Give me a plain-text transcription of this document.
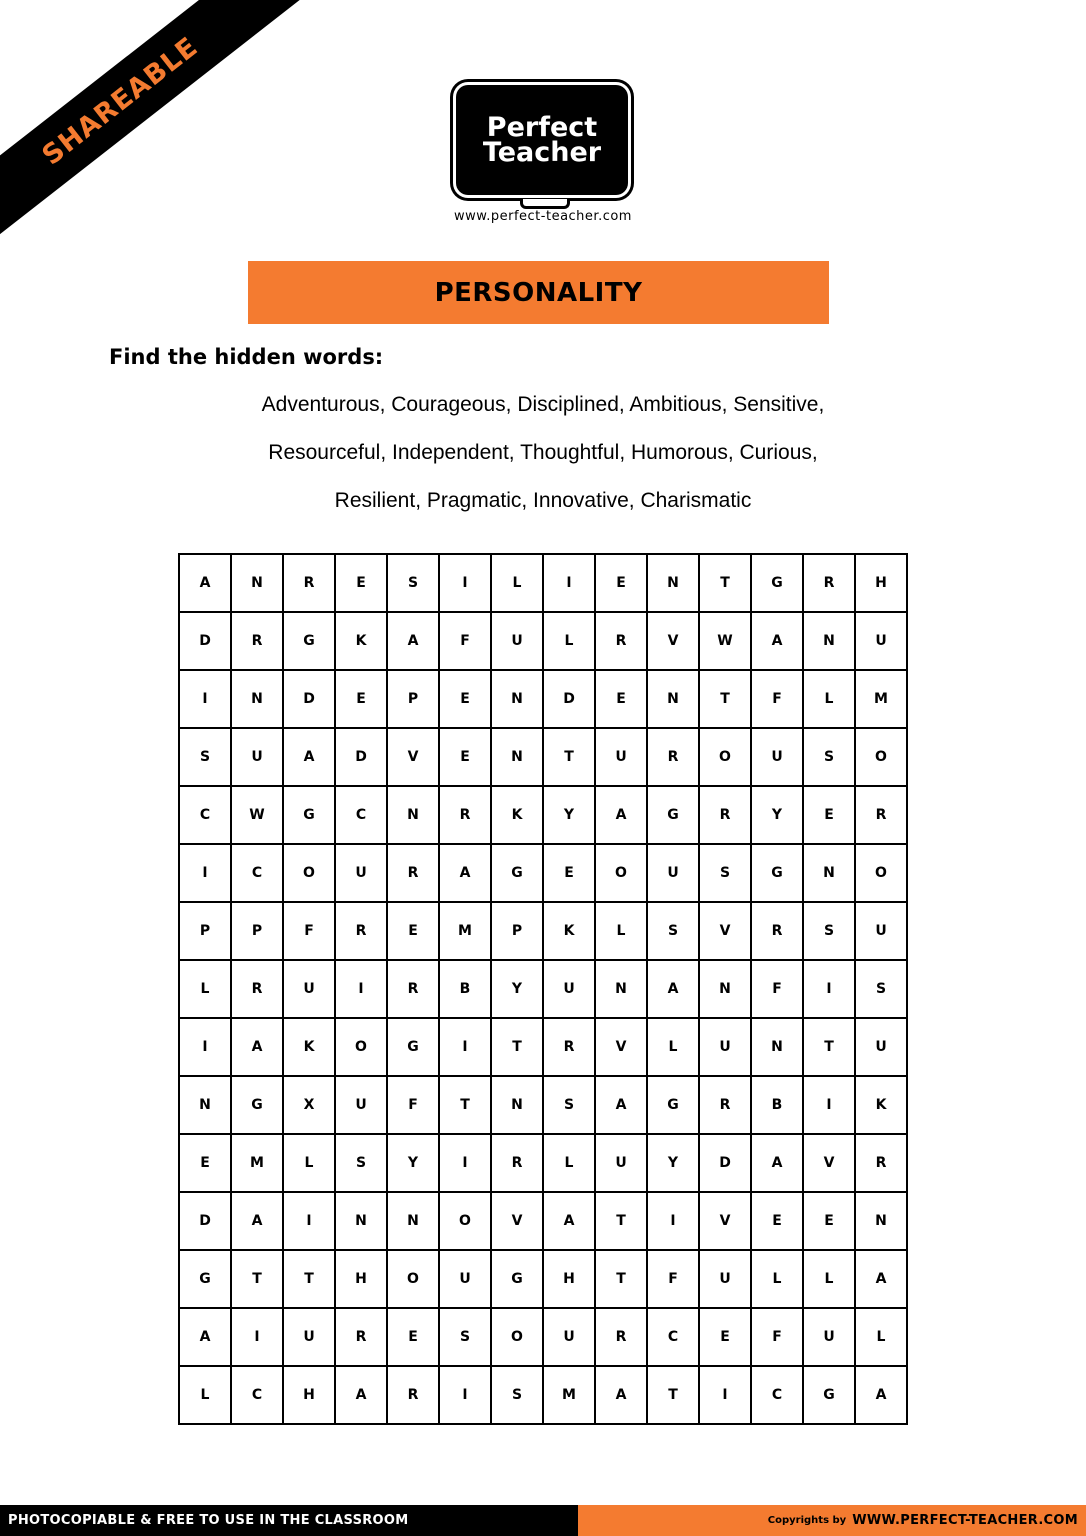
SHAREABLE	Perfect
Teacher
www.perfect-teacher.com
PERSONALITY
Find the hidden words:
Adventurous, Courageous, Disciplined, Ambitious, Sensitive,
Resourceful, Independent, Thoughtful, Humorous, Curious,
Resilient, Pragmatic, Innovative, Charismatic
A	N	R	E	S	I	L	I	E	N	T	G	R	H
D	R	G	K	A	F	U	L	R	V	W	A	N	U
I	N	D	E	P	E	N	D	E	N	T	F	L	M
S	U	A	D	V	E	N	T	U	R	O	U	S	O
C	W	G	C	N	R	K	Y	A	G	R	Y	E	R
I	C	O	U	R	A	G	E	O	U	S	G	N	O
P	P	F	R	E	M	P	K	L	S	V	R	S	U
L	R	U	I	R	B	Y	U	N	A	N	F	I	S
I	A	K	O	G	I	T	R	V	L	U	N	T	U
N	G	X	U	F	T	N	S	A	G	R	B	I	K
E	M	L	S	Y	I	R	L	U	Y	D	A	V	R
D	A	I	N	N	O	V	A	T	I	V	E	E	N
G	T	T	H	O	U	G	H	T	F	U	L	L	A
A	I	U	R	E	S	O	U	R	C	E	F	U	L
L	C	H	A	R	I	S	M	A	T	I	C	G	A
PHOTOCOPIABLE & FREE TO USE IN THE CLASSROOM	Copyrights by WWW.PERFECT-TEACHER.COM
